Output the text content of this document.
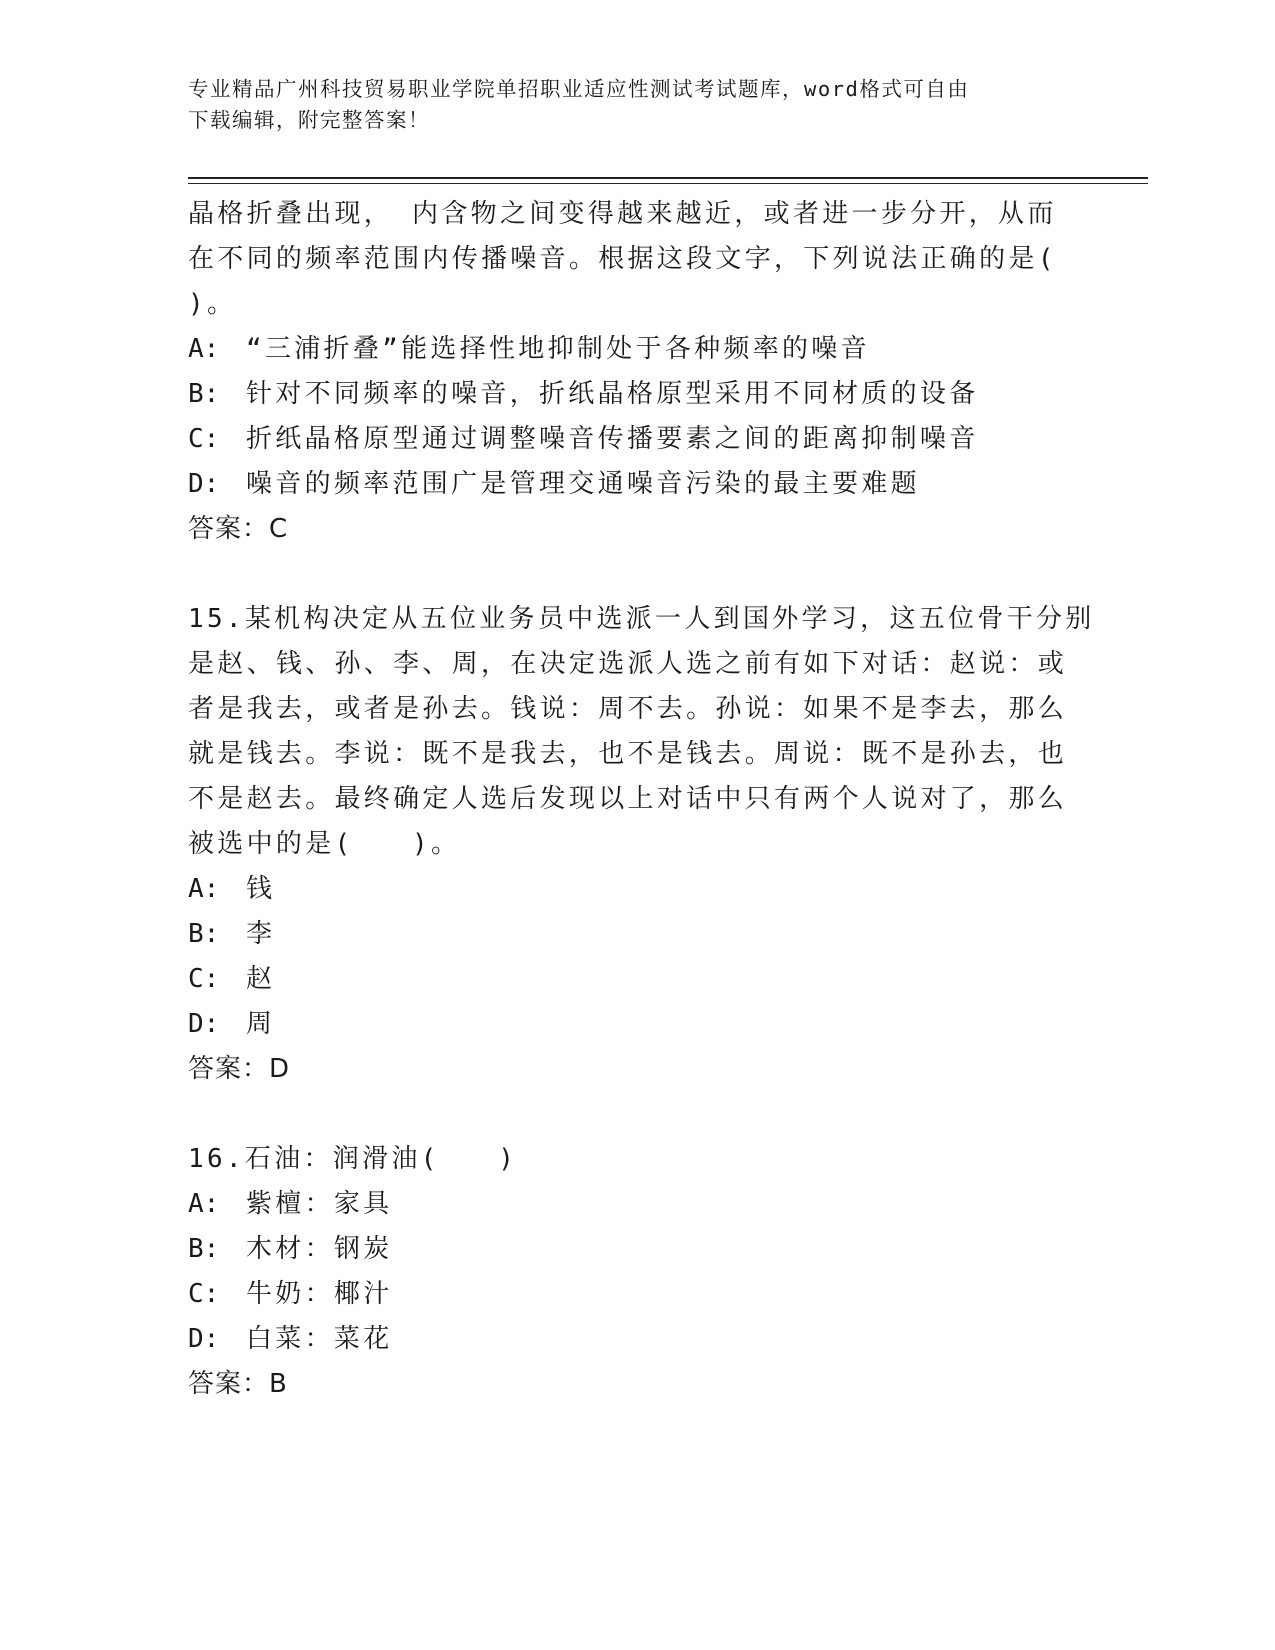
专业精品广州科技贸易职业学院单招职业适应性测试考试题库，word格式可自由
下载编辑，附完整答案！
晶格折叠出现， 内含物之间变得越来越近，或者进一步分开，从而
在不同的频率范围内传播噪音。根据这段文字，下列说法正确的是(
)。
A:	“三浦折叠”能选择性地抑制处于各种频率的噪音
B:	针对不同频率的噪音，折纸晶格原型采用不同材质的设备
C:	折纸晶格原型通过调整噪音传播要素之间的距离抑制噪音
D:	噪音的频率范围广是管理交通噪音污染的最主要难题
答案：C
15.某机构决定从五位业务员中选派一人到国外学习，这五位骨干分别
是赵、钱、孙、李、周，在决定选派人选之前有如下对话：赵说：或
者是我去，或者是孙去。钱说：周不去。孙说：如果不是李去，那么
就是钱去。李说：既不是我去，也不是钱去。周说：既不是孙去，也
不是赵去。最终确定人选后发现以上对话中只有两个人说对了，那么
被选中的是(　　)。
A:	钱
B:	李
C:	赵
D:	周
答案：D
16.石油：润滑油(　　)
A:	紫檀：家具
B:	木材：钢炭
C:	牛奶：椰汁
D:	白菜：菜花
答案：B
